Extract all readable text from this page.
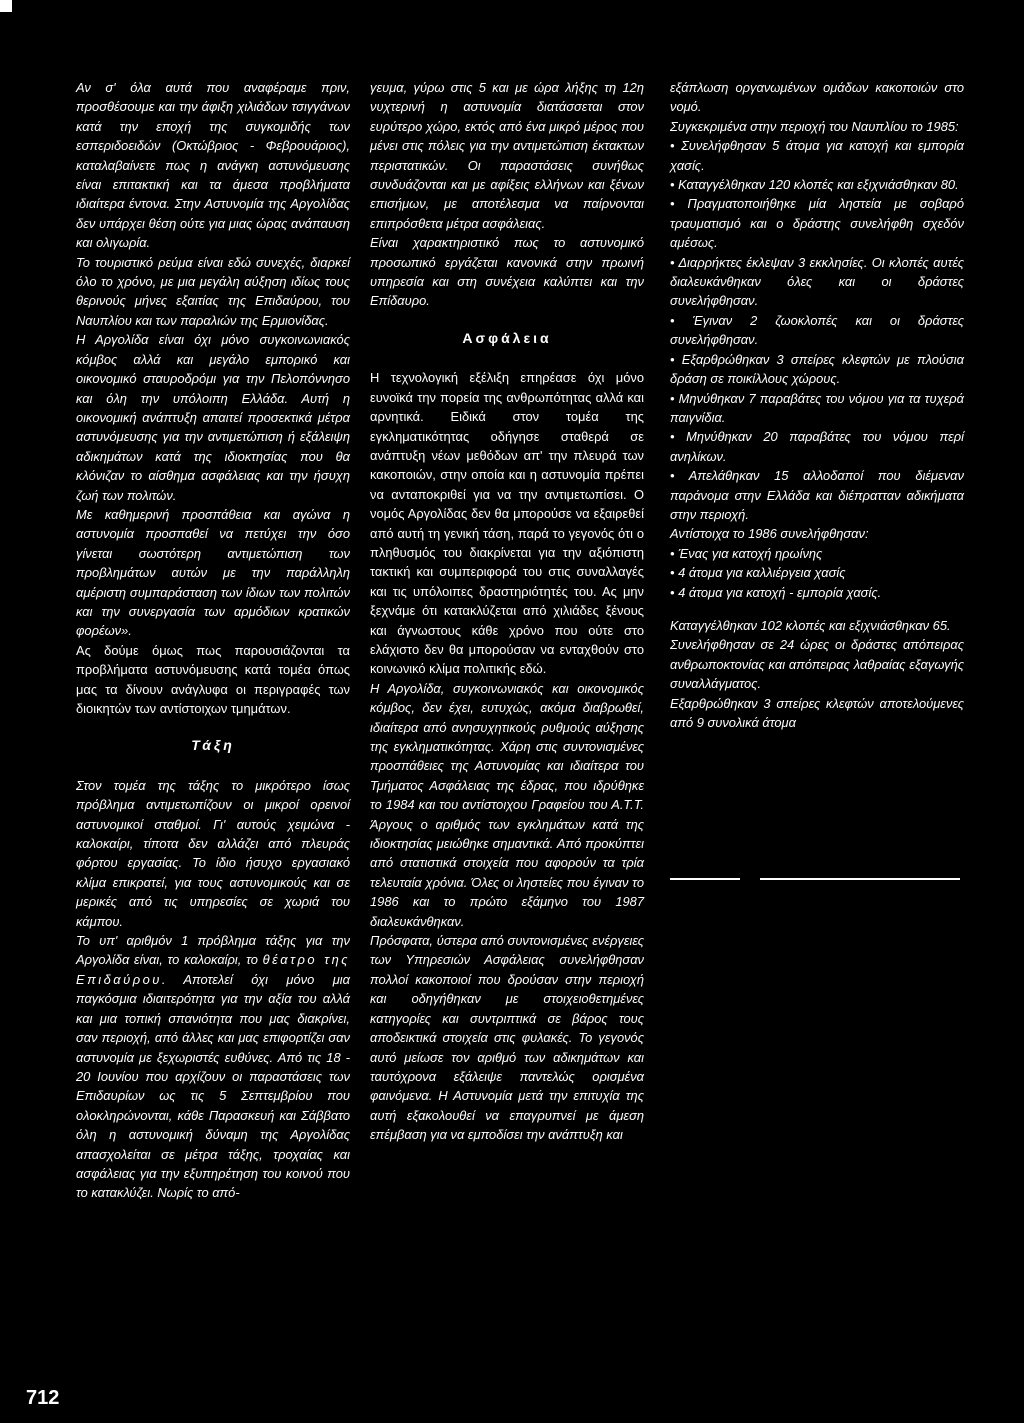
Αν σ' όλα αυτά που αναφέραμε πριν, προσθέσουμε και την άφιξη χιλιάδων τσιγγάνων κατά την εποχή της συγκομιδής των εσπεριδοειδών (Οκτώβριος - Φεβρουάριος), καταλαβαίνετε πως η ανάγκη αστυνόμευσης είναι επιτακτική και τα άμεσα προβλήματα ιδιαίτερα έντονα. Στην Αστυνομία της Αργολίδας δεν υπάρχει θέση ούτε για μιας ώρας ανάπαυση και ολιγωρία.

Το τουριστικό ρεύμα είναι εδώ συνεχές, διαρκεί όλο το χρόνο, με μια μεγάλη αύξηση ιδίως τους θερινούς μήνες εξαιτίας της Επιδαύρου, του Ναυπλίου και των παραλιών της Ερμιονίδας.

Η Αργολίδα είναι όχι μόνο συγκοινωνιακός κόμβος αλλά και μεγάλο εμπορικό και οικονομικό σταυροδρόμι για την Πελοπόννησο και όλη την υπόλοιπη Ελλάδα. Αυτή η οικονομική ανάπτυξη απαιτεί προσεκτικά μέτρα αστυνόμευσης για την αντιμετώπιση ή εξάλειψη αδικημάτων κατά της ιδιοκτησίας που θα κλόνιζαν το αίσθημα ασφάλειας και την ήσυχη ζωή των πολιτών.

Με καθημερινή προσπάθεια και αγώνα η αστυνομία προσπαθεί να πετύχει την όσο γίνεται σωστότερη αντιμετώπιση των προβλημάτων αυτών με την παράλληλη αμέριστη συμπαράσταση των ίδιων των πολιτών και την συνεργασία των αρμόδιων κρατικών φορέων».

Ας δούμε όμως πως παρουσιάζονται τα προβλήματα αστυνόμευσης κατά τομέα όπως μας τα δίνουν ανάγλυφα οι περιγραφές των διοικητών των αντίστοιχων τμημάτων.

Τάξη

Στον τομέα της τάξης το μικρότερο ίσως πρόβλημα αντιμετωπίζουν οι μικροί ορεινοί αστυνομικοί σταθμοί. Γι' αυτούς χειμώνα - καλοκαίρι, τίποτα δεν αλλάζει από πλευράς φόρτου εργασίας. Το ίδιο ήσυχο εργασιακό κλίμα επικρατεί, για τους αστυνομικούς και σε μερικές από τις υπηρεσίες σε χωριά του κάμπου.

Το υπ' αριθμόν 1 πρόβλημα τάξης για την Αργολίδα είναι, το καλοκαίρι, το θέατρο της Επιδαύρου. Αποτελεί όχι μόνο μια παγκόσμια ιδιαιτερότητα για την αξία του αλλά και μια τοπική σπανιότητα που μας διακρίνει, σαν περιοχή, από άλλες και μας επιφορτίζει σαν αστυνομία με ξεχωριστές ευθύνες. Από τις 18 - 20 Ιουνίου που αρχίζουν οι παραστάσεις των Επιδαυρίων ως τις 5 Σεπτεμβρίου που ολοκληρώνονται, κάθε Παρασκευή και Σάββατο όλη η αστυνομική δύναμη της Αργολίδας απασχολείται σε μέτρα τάξης, τροχαίας και ασφάλειας για την εξυπηρέτηση του κοινού που το κατακλύζει. Νωρίς το από-

γευμα, γύρω στις 5 και με ώρα λήξης τη 12η νυχτερινή η αστυνομία διατάσσεται στον ευρύτερο χώρο, εκτός από ένα μικρό μέρος που μένει στις πόλεις για την αντιμετώπιση έκτακτων περιστατικών. Οι παραστάσεις συνήθως συνδυάζονται και με αφίξεις ελλήνων και ξένων επισήμων, με αποτέλεσμα να παίρνονται επιπρόσθετα μέτρα ασφάλειας.

Είναι χαρακτηριστικό πως το αστυνομικό προσωπικό εργάζεται κανονικά στην πρωινή υπηρεσία και στη συνέχεια καλύπτει και την Επίδαυρο.

Ασφάλεια

Η τεχνολογική εξέλιξη επηρέασε όχι μόνο ευνοϊκά την πορεία της ανθρωπότητας αλλά και αρνητικά. Ειδικά στον τομέα της εγκληματικότητας οδήγησε σταθερά σε ανάπτυξη νέων μεθόδων απ' την πλευρά των κακοποιών, στην οποία και η αστυνομία πρέπει να ανταποκριθεί για να την αντιμετωπίσει. Ο νομός Αργολίδας δεν θα μπορούσε να εξαιρεθεί από αυτή τη γενική τάση, παρά το γεγονός ότι ο πληθυσμός του διακρίνεται για την αξιόπιστη τακτική και συμπεριφορά του στις συναλλαγές και τις υπόλοιπες δραστηριότητές του. Ας μην ξεχνάμε ότι κατακλύζεται από χιλιάδες ξένους και άγνωστους κάθε χρόνο που ούτε στο ελάχιστο δεν θα μπορούσαν να ενταχθούν στο κοινωνικό κλίμα πολιτικής εδώ.

Η Αργολίδα, συγκοινωνιακός και οικονομικός κόμβος, δεν έχει, ευτυχώς, ακόμα διαβρωθεί, ιδιαίτερα από ανησυχητικούς ρυθμούς αύξησης της εγκληματικότητας. Χάρη στις συντονισμένες προσπάθειες της Αστυνομίας και ιδιαίτερα του Τμήματος Ασφάλειας της έδρας, που ιδρύθηκε το 1984 και του αντίστοιχου Γραφείου του Α.Τ.Τ. Άργους ο αριθμός των εγκλημάτων κατά της ιδιοκτησίας μειώθηκε σημαντικά. Από προκύπτει από στατιστικά στοιχεία που αφορούν τα τρία τελευταία χρόνια. Όλες οι ληστείες που έγιναν το 1986 και το πρώτο εξάμηνο του 1987 διαλευκάνθηκαν.

Πρόσφατα, ύστερα από συντονισμένες ενέργειες των Υπηρεσιών Ασφάλειας συνελήφθησαν πολλοί κακοποιοί που δρούσαν στην περιοχή και οδηγήθηκαν με στοιχειοθετημένες κατηγορίες και συντριπτικά σε βάρος τους αποδεικτικά στοιχεία στις φυλακές. Το γεγονός αυτό μείωσε τον αριθμό των αδικημάτων και ταυτόχρονα εξάλειψε παντελώς ορισμένα φαινόμενα. Η Αστυνομία μετά την επιτυχία της αυτή εξακολουθεί να επαγρυπνεί με άμεση επέμβαση για να εμποδίσει την ανάπτυξη και

εξάπλωση οργανωμένων ομάδων κακοποιών στο νομό.

Συγκεκριμένα στην περιοχή του Ναυπλίου το 1985:

• Συνελήφθησαν 5 άτομα για κατοχή και εμπορία χασίς.

• Καταγγέλθηκαν 120 κλοπές και εξιχνιάσθηκαν 80.

• Πραγματοποιήθηκε μία ληστεία με σοβαρό τραυματισμό και ο δράστης συνελήφθη σχεδόν αμέσως.

• Διαρρήκτες έκλεψαν 3 εκκλησίες. Οι κλοπές αυτές διαλευκάνθηκαν όλες και οι δράστες συνελήφθησαν.

• Έγιναν 2 ζωοκλοπές και οι δράστες συνελήφθησαν.

• Εξαρθρώθηκαν 3 σπείρες κλεφτών με πλούσια δράση σε ποικίλλους χώρους.

• Μηνύθηκαν 7 παραβάτες του νόμου για τα τυχερά παιγνίδια.

• Μηνύθηκαν 20 παραβάτες του νόμου περί ανηλίκων.

• Απελάθηκαν 15 αλλοδαποί που διέμεναν παράνομα στην Ελλάδα και διέπρατταν αδικήματα στην περιοχή.

Αντίστοιχα το 1986 συνελήφθησαν:

• Ένας για κατοχή ηρωίνης

• 4 άτομα για καλλιέργεια χασίς

• 4 άτομα για κατοχή - εμπορία χασίς.

Καταγγέλθηκαν 102 κλοπές και εξιχνιάσθηκαν 65.

Συνελήφθησαν σε 24 ώρες οι δράστες απόπειρας ανθρωποκτονίας και απόπειρας λαθραίας εξαγωγής συναλλάγματος.

Εξαρθρώθηκαν 3 σπείρες κλεφτών αποτελούμενες από 9 συνολικά άτομα

712
